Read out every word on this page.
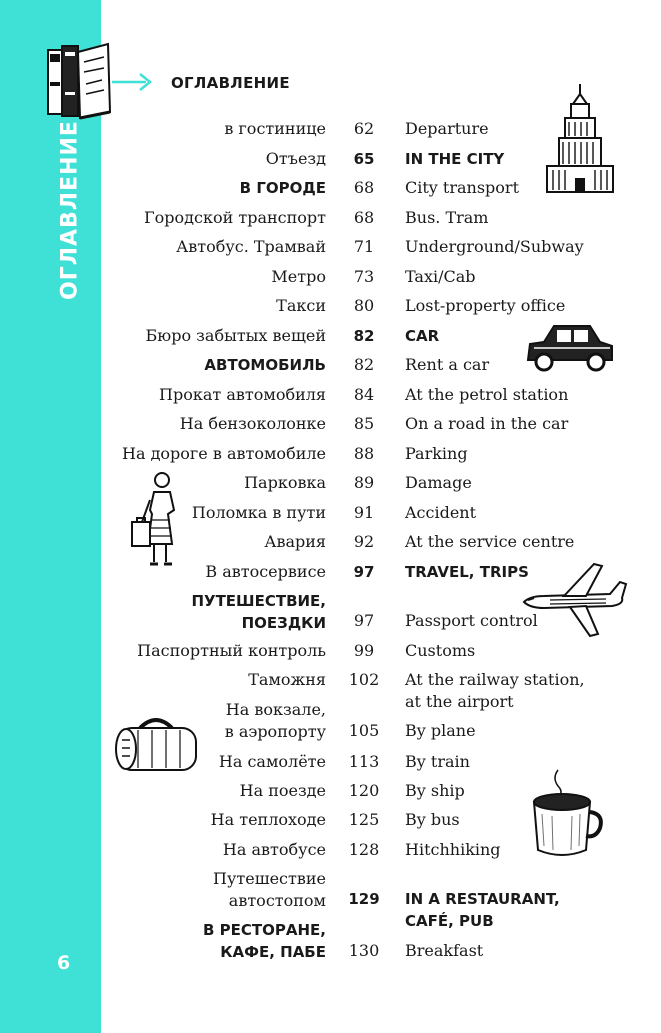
ОГЛАВЛЕНИЕ
6
ОГЛАВЛЕНИЕ
в гостинице
Отъезд
В ГОРОДЕ
Городской транспорт
Автобус. Трамвай
Метро
Такси
Бюро забытых вещей
АВТОМОБИЛЬ
Прокат автомобиля
На бензоколонке
На дороге в автомобиле
Парковка
Поломка в пути
Авария
В автосервисе
ПУТЕШЕСТВИЕ,
ПОЕЗДКИ
Паспортный контроль
Таможня
На вокзале,
в аэропорту
На самолёте
На поезде
На теплоходе
На автобусе
Путешествие
автостопом
В РЕСТОРАНЕ,
КАФЕ, ПАБЕ
62
65
68
68
71
73
80
82
82
84
85
88
89
91
92
97
97
99
102
105
113
120
125
128
129
130
Departure
IN THE CITY
City transport
Bus. Tram
Underground/Subway
Taxi/Cab
Lost-property office
CAR
Rent a car
At the petrol station
On a road in the car
Parking
Damage
Accident
At the service centre
TRAVEL, TRIPS
Passport control
Customs
At the railway station,
at the airport
By plane
By train
By ship
By bus
Hitchhiking
IN A RESTAURANT,
CAFÉ, PUB
Breakfast
